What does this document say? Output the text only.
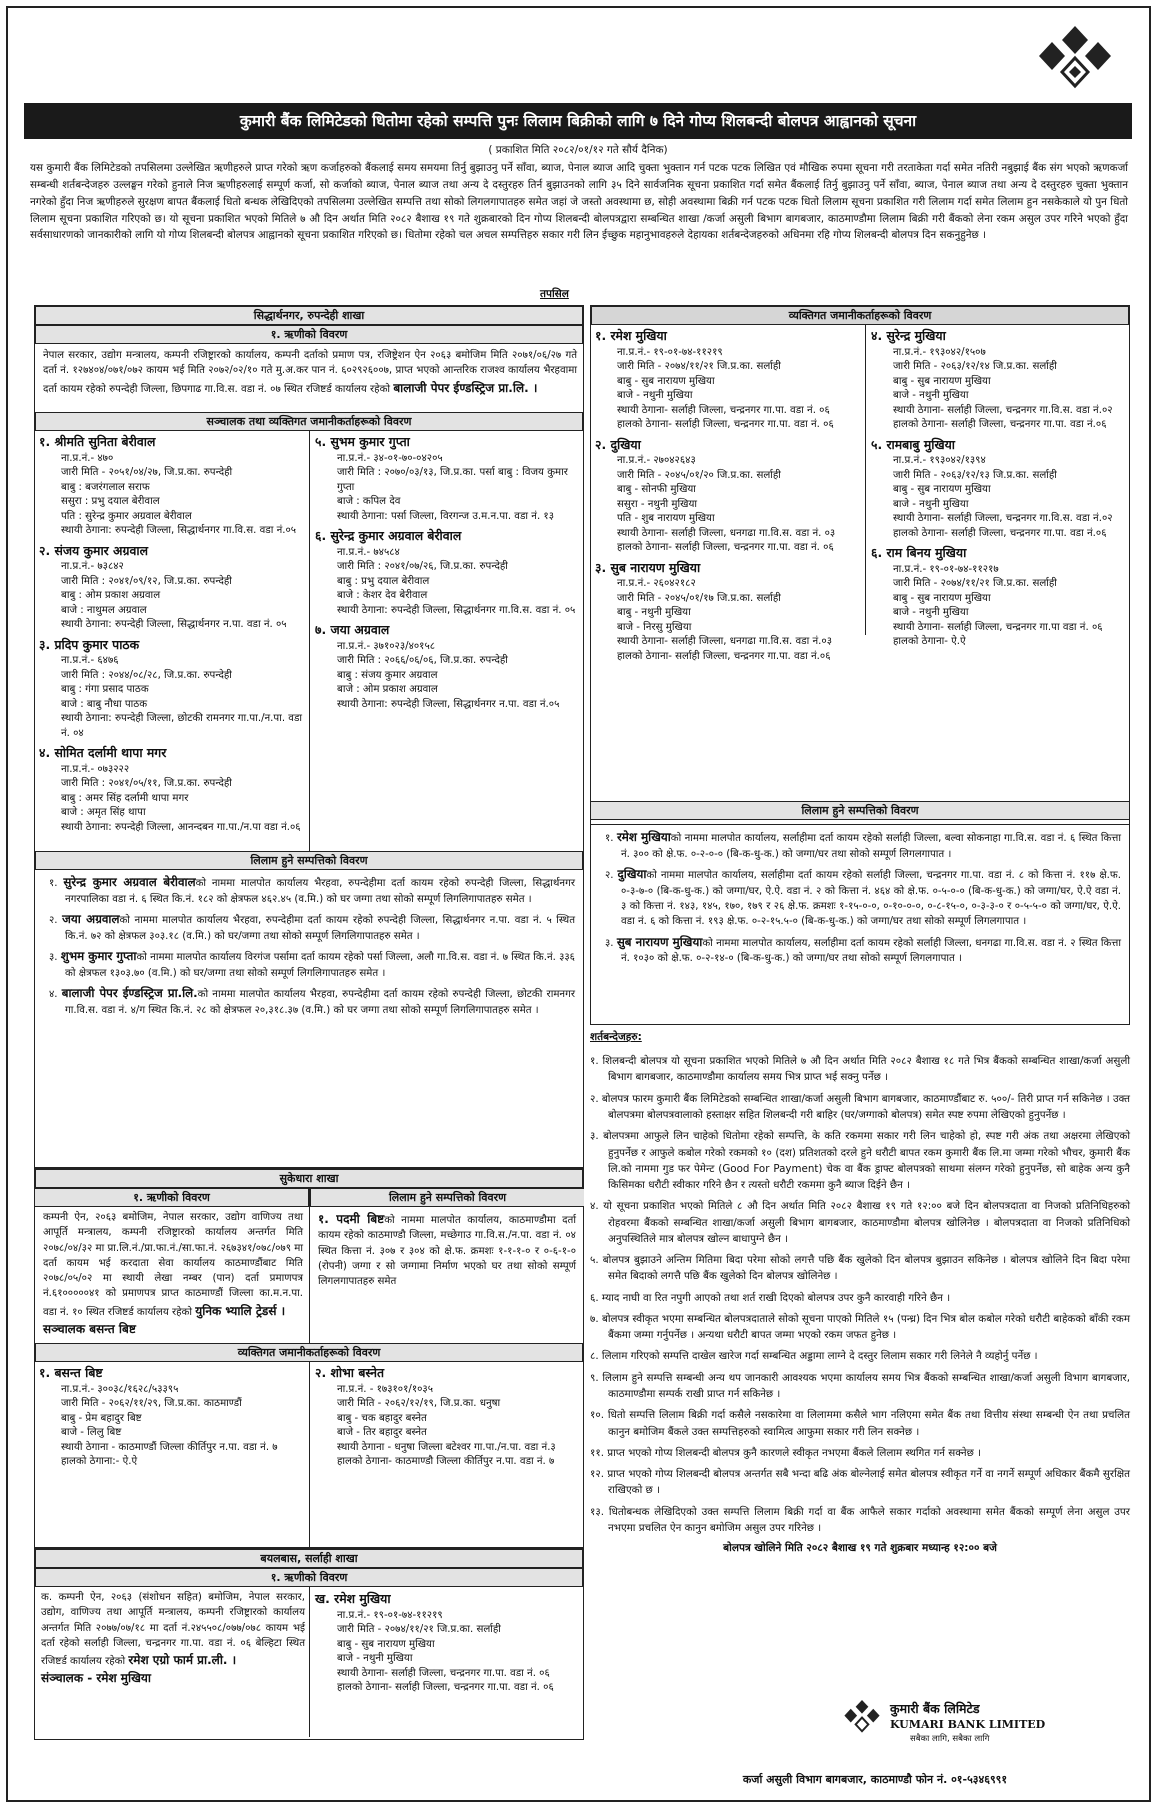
कुमारी बैंक लिमिटेडको धितोमा रहेको सम्पत्ति पुनः लिलाम बिक्रीको लागि ७ दिने गोप्य शिलबन्दी बोलपत्र आह्वानको सूचना
( प्रकाशित मिति २०८२/०१/१२ गते सौर्य दैनिक)
यस कुमारी बैंक लिमिटेडको तपसिलमा उल्लेखित ऋणीहरुले प्राप्त गरेको ऋण कर्जाहरुको बैंकलाई समय समयमा तिर्नु बुझाउनु पर्ने साँवा, ब्याज, पेनाल ब्याज आदि चुक्ता भुक्तान गर्न पटक पटक लिखित एवं मौखिक रुपमा सूचना गरी तरताकेता गर्दा समेत नतिरी नबुझाई बैंक संग भएको ऋणकर्जा सम्बन्धी शर्तबन्देजहरु उल्लङ्घन गरेको हुनाले निज ऋणीहरुलाई सम्पूर्ण कर्जा, सो कर्जाको ब्याज, पेनाल ब्याज तथा अन्य दे दस्तुरहरु तिर्न बुझाउनको लागि ३५ दिने सार्वजनिक सूचना प्रकाशित गर्दा समेत बैंकलाई तिर्नु बुझाउनु पर्ने साँवा, ब्याज, पेनाल ब्याज तथा अन्य दे दस्तुरहरु चुक्ता भुक्तान नगरेको हुँदा निज ऋणीहरुले सुरक्षण बापत बैंकलाई धितो बन्धक लेखिदिएको तपसिलमा उल्लेखित सम्पत्ति तथा सोको लिगलगापातहरु समेत जहां जे जस्तो अवस्थामा छ, सोही अवस्थामा बिक्री गर्न पटक पटक धितो लिलाम सूचना प्रकाशित गरी लिलाम गर्दा समेत लिलाम हुन नसकेकाले यो पुन धितो लिलाम सूचना प्रकाशित गरिएको छ। यो सूचना प्रकाशित भएको मितिले ७ औ दिन अर्थात मिति २०८२ बैशाख १९ गते शुक्रबारको दिन गोप्य शिलबन्दी बोलपत्रद्वारा सम्बन्धित शाखा /कर्जा असुली बिभाग बागबजार, काठमाण्डौमा लिलाम बिक्री गरी बैंकको लेना रकम असुल उपर गरिने भएको हुँदा सर्वसाधारणको जानकारीको लागि यो गोप्य शिलबन्दी बोलपत्र आह्वानको सूचना प्रकाशित गरिएको छ। धितोमा रहेको चल अचल सम्पत्तिहरु सकार गरी लिन ईच्छुक महानुभावहरुले देहायका शर्तबन्देजहरुको अधिनमा रहि गोप्य शिलबन्दी बोलपत्र दिन सकनुहुनेछ ।
तपसिल
सिद्धार्थनगर, रुपन्देही शाखा
१. ऋणीको विवरण
नेपाल सरकार, उद्योग मन्त्रालय, कम्पनी रजिष्ट्रारको कार्यालय, कम्पनी दर्ताको प्रमाण पत्र, रजिष्ट्रेशन ऐन २०६३ बमोजिम मिति २०७१/०६/२७ गते दर्ता नं. १२७४०४/०७१/०७२ कायम भई मिति २०७२/०२/१० गते मु.अ.कर पान नं. ६०२९२६००७, प्राप्त भएको आन्तरिक राजश्व कार्यालय भैरहवामा दर्ता कायम रहेको रुपन्देही जिल्ला, छिपगाढ गा.वि.स. वडा नं. ०७ स्थित रजिष्टर्ड कार्यालय रहेको बालाजी पेपर ईण्डस्ट्रिज प्रा.लि. ।
सञ्चालक तथा व्यक्तिगत जमानीकर्ताहरूको विवरण
१. श्रीमति सुनिता बेरीवाल
ना.प्र.नं.- ४७०
जारी मिति - २०५१/०४/२७, जि.प्र.का. रुपन्देही
बाबु : बजरंगलाल सराफ
ससुरा : प्रभु दयाल बेरीवाल
पति : सुरेन्द्र कुमार अग्रवाल बेरीवाल
स्थायी ठेगाना: रुपन्देही जिल्ला, सिद्धार्थनगर गा.वि.स. वडा नं.०५
२. संजय कुमार अग्रवाल
ना.प्र.नं.- ७३८४२
जारी मिति : २०४१/०९/१२, जि.प्र.का. रुपन्देही
बाबु : ओम प्रकाश अग्रवाल
बाजे : नाथुमल अग्रवाल
स्थायी ठेगाना: रुपन्देही जिल्ला, सिद्धार्थनगर न.पा. वडा नं. ०५
३. प्रदिप कुमार पाठक
ना.प्र.नं.- ६४७६
जारी मिति : २०४४/०८/२८, जि.प्र.का. रुपन्देही
बाबु : गंगा प्रसाद पाठक
बाजे : बाबु नौधा पाठक
स्थायी ठेगाना: रुपन्देही जिल्ला, छोटकी रामनगर गा.पा./न.पा. वडा नं. ०४
४. सोमित दर्लामी थापा मगर
ना.प्र.नं.- ०७३२२२
जारी मिति : २०४१/०५/११, जि.प्र.का. रुपन्देही
बाबु : अमर सिंह दर्लामी थापा मगर
बाजे : अमृत सिंह थापा
स्थायी ठेगाना: रुपन्देही जिल्ला, आनन्दबन गा.पा./न.पा वडा नं.०६
५. सुभम कुमार गुप्ता
ना.प्र.नं.- ३४-०१-७०-०४२०५
जारी मिति : २०७०/०३/१३, जि.प्र.का. पर्सा बाबु : विजय कुमार गुप्ता
बाजे : कपिल देव
स्थायी ठेगाना: पर्सा जिल्ला, विरगन्ज उ.म.न.पा. वडा नं. १३
६. सुरेन्द्र कुमार अग्रवाल बेरीवाल
ना.प्र.नं.- ७४५८४
जारी मिति : २०४१/०७/२६, जि.प्र.का. रुपन्देही
बाबु : प्रभु दयाल बेरीवाल
बाजे : केशर देव बेरीवाल
स्थायी ठेगाना: रुपन्देही जिल्ला, सिद्धार्थनगर गा.वि.स. वडा नं. ०५
७. जया अग्रवाल
ना.प्र.नं.- ३७१०२३/४०१५८
जारी मिति : २०६६/०६/०६, जि.प्र.का. रुपन्देही
बाबु : संजय कुमार अग्रवाल
बाजे : ओम प्रकाश अग्रवाल
स्थायी ठेगाना: रुपन्देही जिल्ला, सिद्धार्थनगर न.पा. वडा नं.०५
लिलाम हुने सम्पत्तिको विवरण
१. सुरेन्द्र कुमार अग्रवाल बेरीवालको नाममा मालपोत कार्यालय भैरहवा, रुपन्देहीमा दर्ता कायम रहेको रुपन्देही जिल्ला, सिद्धार्थनगर नगरपालिका वडा नं. ६ स्थित कि.नं. १८२ को क्षेत्रफल ४६२.४५ (व.मि.) को घर जग्गा तथा सोको सम्पूर्ण लिगलिगापातहरु समेत ।
२. जया अग्रवालको नाममा मालपोत कार्यालय भैरहवा, रुपन्देहीमा दर्ता कायम रहेको रुपन्देही जिल्ला, सिद्धार्थनगर न.पा. वडा नं. ५ स्थित कि.नं. ७२ को क्षेत्रफल ३०३.१८ (व.मि.) को घर/जग्गा तथा सोको सम्पूर्ण लिगलिगापातहरु समेत ।
३. शुभम कुमार गुप्ताको नाममा मालपोत कार्यालय विरगंज पर्सामा दर्ता कायम रहेको पर्सा जिल्ला, अलौ गा.वि.स. वडा नं. ७ स्थित कि.नं. ३३६ को क्षेत्रफल १३०३.७० (व.मि.) को घर/जग्गा तथा सोको सम्पूर्ण लिगलिगापातहरु समेत ।
४. बालाजी पेपर ईण्डस्ट्रिज प्रा.लि.को नाममा मालपोत कार्यालय भैरहवा, रुपन्देहीमा दर्ता कायम रहेको रुपन्देही जिल्ला, छोटकी रामनगर गा.वि.स. वडा नं. ४/ग स्थित कि.नं. २८ को क्षेत्रफल २०,३१८.३७ (व.मि.) को घर जग्गा तथा सोको सम्पूर्ण लिगलिगापातहरु समेत ।
सुकेधारा शाखा
१. ऋणीको विवरण
कम्पनी ऐन, २०६३ बमोजिम, नेपाल सरकार, उद्योग वाणिज्य तथा आपूर्ति मन्त्रालय, कम्पनी रजिष्ट्रारको कार्यालय अन्तर्गत मिति २०७८/०४/३२ मा प्रा.लि.नं./प्रा.फा.नं./सा.फा.नं. २६७३४१/०७८/०७९ मा दर्ता कायम भई करदाता सेवा कार्यालय काठमाण्डौंबाट मिति २०७८/०५/०२ मा स्थायी लेखा नम्बर (पान) दर्ता प्रमाणपत्र नं.६१०००००४१ को प्रमाणपत्र प्राप्त काठमाण्डौं जिल्ला का.म.न.पा. वडा नं. १० स्थित रजिष्टर्ड कार्यालय रहेको युनिक भ्यालि ट्रेडर्स ।
सञ्चालक बसन्त बिष्ट
लिलाम हुने सम्पत्तिको विवरण
१. पदमी बिष्टको नाममा मालपोत कार्यालय, काठमाण्डौमा दर्ता कायम रहेको काठमाण्डौ जिल्ला, मच्छेगाउ गा.वि.स./न.पा. वडा नं. ०४ स्थित कित्ता नं. ३०७ र ३०४ को क्षे.फ. क्रमशः १-१-१-० र ०-६-१-० (रोपनी) जग्गा र सो जग्गामा निर्माण भएको घर तथा सोको सम्पूर्ण लिगलगापातहरु समेत
व्यक्तिगत जमानीकर्ताहरूको विवरण
१. बसन्त बिष्ट
ना.प्र.नं.- ३००३८/१६२८/५३३९५
जारी मिति - २०६२/११/२९, जि.प्र.का. काठमाण्डौं
बाबु - प्रेम बहादुर बिष्ट
बाजे - लिलु बिष्ट
स्थायी ठेगाना - काठमाण्डौं जिल्ला कीर्तिपुर न.पा. वडा नं. ७
हालको ठेगाना:- ऐ.ऐ
२. शोभा बस्नेत
ना.प्र.नं. - १७३१०१/१०३५
जारी मिति - २०६२/१२/१९, जि.प्र.का. धनुषा
बाबु - चक बहादुर बस्नेत
बाजे - तिर बहादुर बस्नेत
स्थायी ठेगाना - धनुषा जिल्ला बटेश्वर गा.पा./न.पा. वडा नं.३
हालको ठेगाना- काठमाण्डौ जिल्ला कीर्तिपुर न.पा. वडा नं. ७
बयलबास, सर्लाही शाखा
१. ऋणीको विवरण
क. कम्पनी ऐन, २०६३ (संशोधन सहित) बमोजिम, नेपाल सरकार, उद्योग, वाणिज्य तथा आपूर्ति मन्त्रालय, कम्पनी रजिष्ट्रारको कार्यालय अन्तर्गत मिति २०७७/०७/१८ मा दर्ता नं.२४५५०८/०७७/०७८ कायम भई दर्ता रहेको सर्लाही जिल्ला, चन्द्रनगर गा.पा. वडा नं. ०६ बेल्हिटा स्थित रजिष्टर्ड कार्यालय रहेको रमेश एग्रो फार्म प्रा.ली. ।
संञ्चालक - रमेश मुखिया
ख. रमेश मुखिया
ना.प्र.नं.- १९-०१-७४-११२१९
जारी मिति - २०७४/११/२१ जि.प्र.का. सर्लाही
बाबु - सुब नारायण मुखिया
बाजे - नथुनी मुखिया
स्थायी ठेगाना- सर्लाही जिल्ला, चन्द्रनगर गा.पा. वडा नं. ०६
हालको ठेगाना- सर्लाही जिल्ला, चन्द्रनगर गा.पा. वडा नं. ०६
व्यक्तिगत जमानीकर्ताहरूको विवरण
१. रमेश मुखिया
ना.प्र.नं.- १९-०१-७४-११२१९
जारी मिति - २०७४/११/२१ जि.प्र.का. सर्लाही
बाबु - सुब नारायण मुखिया
बाजे - नथुनी मुखिया
स्थायी ठेगाना- सर्लाही जिल्ला, चन्द्रनगर गा.पा. वडा नं. ०६
हालको ठेगाना- सर्लाही जिल्ला, चन्द्रनगर गा.पा. वडा नं. ०६
२. दुखिया
ना.प्र.नं.- २७०४२६४३
जारी मिति - २०४५/०१/२० जि.प्र.का. सर्लाही
बाबु - सोनफी मुखिया
ससुरा - नथुनी मुखिया
पति - शुब नारायण मुखिया
स्थायी ठेगाना- सर्लाही जिल्ला, धनगढा गा.वि.स. वडा नं. ०३
हालको ठेगाना- सर्लाही जिल्ला, चन्द्रनगर गा.पा. वडा नं. ०६
३. सुब नारायण मुखिया
ना.प्र.नं.- २६०४२१८२
जारी मिति - २०४५/०१/१७ जि.प्र.का. सर्लाही
बाबु - नथुनी मुखिया
बाजे - निरसु मुखिया
स्थायी ठेगाना- सर्लाही जिल्ला, धनगढा गा.वि.स. वडा नं.०३
हालको ठेगाना- सर्लाही जिल्ला, चन्द्रनगर गा.पा. वडा नं.०६
४. सुरेन्द्र मुखिया
ना.प्र.नं.- १९३०४२/१५०७
जारी मिति - २०६३/१२/१४ जि.प्र.का. सर्लाही
बाबु - सुब नारायण मुखिया
बाजे - नथुनी मुखिया
स्थायी ठेगाना- सर्लाही जिल्ला, चन्द्रनगर गा.वि.स. वडा नं.०२
हालको ठेगाना- सर्लाही जिल्ला, चन्द्रनगर गा.पा. वडा नं.०६
५. रामबाबु मुखिया
ना.प्र.नं.- १९३०४२/१३९४
जारी मिति - २०६३/१२/१३ जि.प्र.का. सर्लाही
बाबु - सुब नारायण मुखिया
बाजे - नथुनी मुखिया
स्थायी ठेगाना- सर्लाही जिल्ला, चन्द्रनगर गा.वि.स. वडा नं.०२
हालको ठेगाना- सर्लाही जिल्ला, चन्द्रनगर गा.पा. वडा नं.०६
६. राम बिनय मुखिया
ना.प्र.नं.- १९-०१-७४-११२१७
जारी मिति - २०७४/११/२१ जि.प्र.का. सर्लाही
बाबु - सुब नारायण मुखिया
बाजे - नथुनी मुखिया
स्थायी ठेगाना- सर्लाही जिल्ला, चन्द्रनगर गा.पा वडा नं. ०६
हालको ठेगाना- ऐ.ऐ
लिलाम हुने सम्पत्तिको विवरण
१. रमेश मुखियाको नाममा मालपोत कार्यालय, सर्लाहीमा दर्ता कायम रहेको सर्लाही जिल्ला, बल्वा सोकनाहा गा.वि.स. वडा नं. ६ स्थित कित्ता नं. ३०० को क्षे.फ. ०-२-०-० (बि-क-धु-क.) को जग्गा/घर तथा सोको सम्पूर्ण लिगलगापात ।
२. दुखियाको नाममा मालपोत कार्यालय, सर्लाहीमा दर्ता कायम रहेको सर्लाही जिल्ला, चन्द्रनगर गा.पा. वडा नं. ८ को कित्ता नं. ११७ क्षे.फ. ०-३-७-० (बि-क-धु-क.) को जग्गा/घर, ऐ.ऐ. वडा नं. २ को कित्ता नं. ४६४ को क्षे.फ. ०-५-०-० (बि-क-धु-क.) को जग्गा/घर, ऐ.ऐ वडा नं. ३ को कित्ता नं. १४३, १४५, १७०, १७९ र २६ क्षे.फ. क्रमशः १-१५-०-०, ०-१०-०-०, ०-८-१५-०, ०-३-३-० र ०-५-५-० को जग्गा/घर, ऐ.ऐ. वडा नं. ६ को कित्ता नं. १९३ क्षे.फ. ०-२-१५.५-० (बि-क-धु-क.) को जग्गा/घर तथा सोको सम्पूर्ण लिगलगापात ।
३. सुब नारायण मुखियाको नाममा मालपोत कार्यालय, सर्लाहीमा दर्ता कायम रहेको सर्लाही जिल्ला, धनगढा गा.वि.स. वडा नं. २ स्थित कित्ता नं. १०३० को क्षे.फ. ०-२-१४-० (बि-क-धु-क.) को जग्गा/घर तथा सोको सम्पूर्ण लिगलगापात ।
शर्तबन्देजहरु:
१. शिलबन्दी बोलपत्र यो सूचना प्रकाशित भएको मितिले ७ औ दिन अर्थात मिति २०८२ बैशाख १८ गते भित्र बैंकको सम्बन्धित शाखा/कर्जा असुली बिभाग बागबजार, काठमाण्डौमा कार्यालय समय भित्र प्राप्त भई सक्नु पर्नेछ ।
२. बोलपत्र फारम कुमारी बैंक लिमिटेडको सम्बन्धित शाखा/कर्जा असुली बिभाग बागबजार, काठमाण्डौंबाट रु. ५००/- तिरी प्राप्त गर्न सकिनेछ । उक्त बोलपत्रमा बोलपत्रवालाको हस्ताक्षर सहित शिलबन्दी गरी बाहिर (घर/जग्गाको बोलपत्र) समेत स्पष्ट रुपमा लेखिएको हुनुपर्नेछ ।
३. बोलपत्रमा आफुले लिन चाहेको धितोमा रहेको सम्पत्ति, के कति रकममा सकार गरी लिन चाहेको हो, स्पष्ट गरी अंक तथा अक्षरमा लेखिएको हुनुपर्नेछ र आफुले कबोल गरेको रकमको १० (दश) प्रतिशतको दरले हुने धरौटी बापत रकम कुमारी बैंक लि.मा जम्मा गरेको भौचर, कुमारी बैंक लि.को नाममा गुड फर पेमेन्ट (Good For Payment) चेक वा बैंक ड्राफ्ट बोलपत्रको साथमा संलग्न गरेको हुनुपर्नेछ, सो बाहेक अन्य कुनै किसिमका धरौटी स्वीकार गरिने छैन र त्यस्तो धरौटी रकममा कुनै ब्याज दिईने छैन ।
४. यो सूचना प्रकाशित भएको मितिले ८ औ दिन अर्थात मिति २०८२ बैशाख १९ गते १२:०० बजे दिन बोलपत्रदाता वा निजको प्रतिनिधिहरुको रोहवरमा बैंकको सम्बन्धित शाखा/कर्जा असुली बिभाग बागबजार, काठमाण्डौमा बोलपत्र खोलिनेछ । बोलपत्रदाता वा निजको प्रतिनिधिको अनुपस्थितिले मात्र बोलपत्र खोल्न बाधापुग्ने छैन ।
५. बोलपत्र बुझाउने अन्तिम मितिमा बिदा परेमा सोको लगत्तै पछि बैंक खुलेको दिन बोलपत्र बुझाउन सकिनेछ । बोलपत्र खोलिने दिन बिदा परेमा समेत बिदाको लगत्तै पछि बैंक खुलेको दिन बोलपत्र खोलिनेछ ।
६. म्याद नाघी वा रित नपुगी आएको तथा शर्त राखी दिएको बोलपत्र उपर कुनै कारवाही गरिने छैन ।
७. बोलपत्र स्वीकृत भएमा सम्बन्धित बोलपत्रदाताले सोको सूचना पाएको मितिले १५ (पन्ध्र) दिन भित्र बोल कबोल गरेको धरौटी बाहेकको बाँकी रकम बैंकमा जम्मा गर्नुपर्नेछ । अन्यथा धरौटी बापत जम्मा भएको रकम जफत हुनेछ ।
८. लिलाम गरिएको सम्पत्ति दाखेल खारेज गर्दा सम्बन्धित अड्डामा लाग्ने दे दस्तुर लिलाम सकार गरी लिनेले नै व्यहोर्नु पर्नेछ ।
९. लिलाम हुने सम्पत्ति सम्बन्धी अन्य थप जानकारी आवश्यक भएमा कार्यालय समय भित्र बैंकको सम्बन्धित शाखा/कर्जा असुली विभाग बागबजार, काठमाण्डौमा सम्पर्क राखी प्राप्त गर्न सकिनेछ ।
१०. धितो सम्पत्ति लिलाम बिक्री गर्दा कसैले नसकारेमा वा लिलाममा कसैले भाग नलिएमा समेत बैंक तथा वित्तीय संस्था सम्बन्धी ऐन तथा प्रचलित कानुन बमोजिम बैंकले उक्त सम्पत्तिहरुको स्वामित्व आफुमा सकार गरी लिन सक्नेछ ।
११. प्राप्त भएको गोप्य शिलबन्दी बोलपत्र कुनै कारणले स्वीकृत नभएमा बैंकले लिलाम स्थगित गर्न सक्नेछ ।
१२. प्राप्त भएको गोप्य शिलबन्दी बोलपत्र अन्तर्गत सबै भन्दा बढि अंक बोल्नेलाई समेत बोलपत्र स्वीकृत गर्ने वा नगर्ने सम्पूर्ण अधिकार बैंकमै सुरक्षित राखिएको छ ।
१३. धितोबन्धक लेखिदिएको उक्त सम्पत्ति लिलाम बिक्री गर्दा वा बैंक आफैले सकार गर्दाको अवस्थामा समेत बैंकको सम्पूर्ण लेना असुल उपर नभएमा प्रचलित ऐन कानुन बमोजिम असुल उपर गरिनेछ ।
बोलपत्र खोलिने मिति २०८२ बैशाख १९ गते शुक्रबार मध्यान्ह १२:०० बजे
कुमारी बैंक लिमिटेड
KUMARI BANK LIMITED
सबैका लागि, सबैका लागि
कर्जा असुली विभाग बागबजार, काठमाण्डौ फोन नं. ०१-५३४६९९१
